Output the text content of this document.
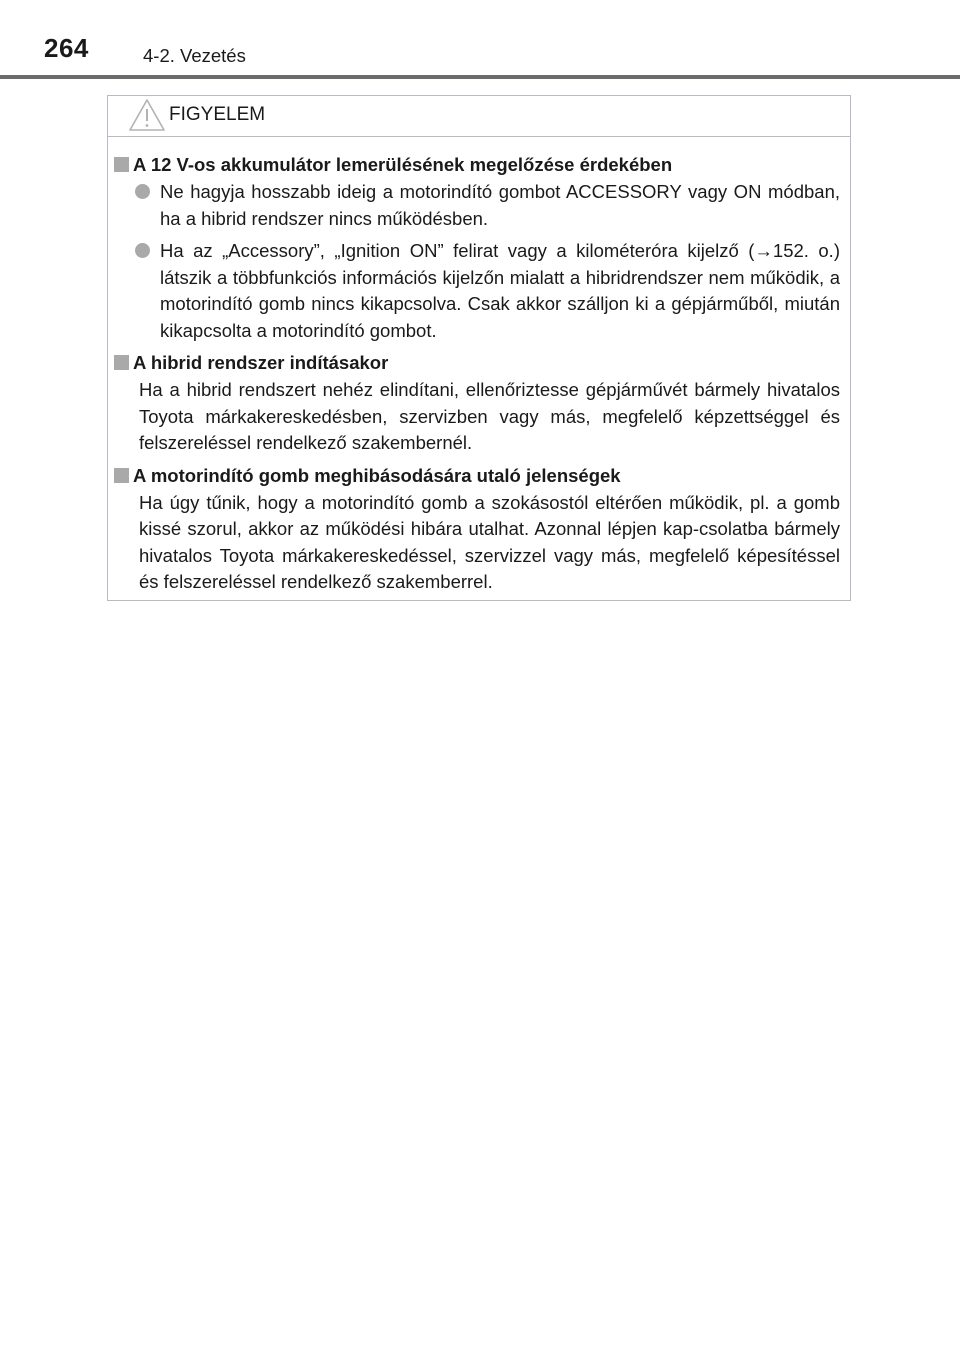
264	4-2. Vezetés
FIGYELEM
A 12 V-os akkumulátor lemerülésének megelőzése érdekében
Ne hagyja hosszabb ideig a motorindító gombot ACCESSORY vagy ON módban, ha a hibrid rendszer nincs működésben.
Ha az „Accessory”, „Ignition ON” felirat vagy a kilométeróra kijelző (→152. o.) látszik a többfunkciós információs kijelzőn mialatt a hibridrendszer nem működik, a motorindító gomb nincs kikapcsolva. Csak akkor szálljon ki a gépjárműből, miután kikapcsolta a motorindító gombot.
A hibrid rendszer indításakor
Ha a hibrid rendszert nehéz elindítani, ellenőriztesse gépjárművét bármely hivatalos Toyota márkakereskedésben, szervizben vagy más, megfelelő képzettséggel és felszereléssel rendelkező szakembernél.
A motorindító gomb meghibásodására utaló jelenségek
Ha úgy tűnik, hogy a motorindító gomb a szokásostól eltérően működik, pl. a gomb kissé szorul, akkor az működési hibára utalhat. Azonnal lépjen kap-csolatba bármely hivatalos Toyota márkakereskedéssel, szervizzel vagy más, megfelelő képesítéssel és felszereléssel rendelkező szakemberrel.
